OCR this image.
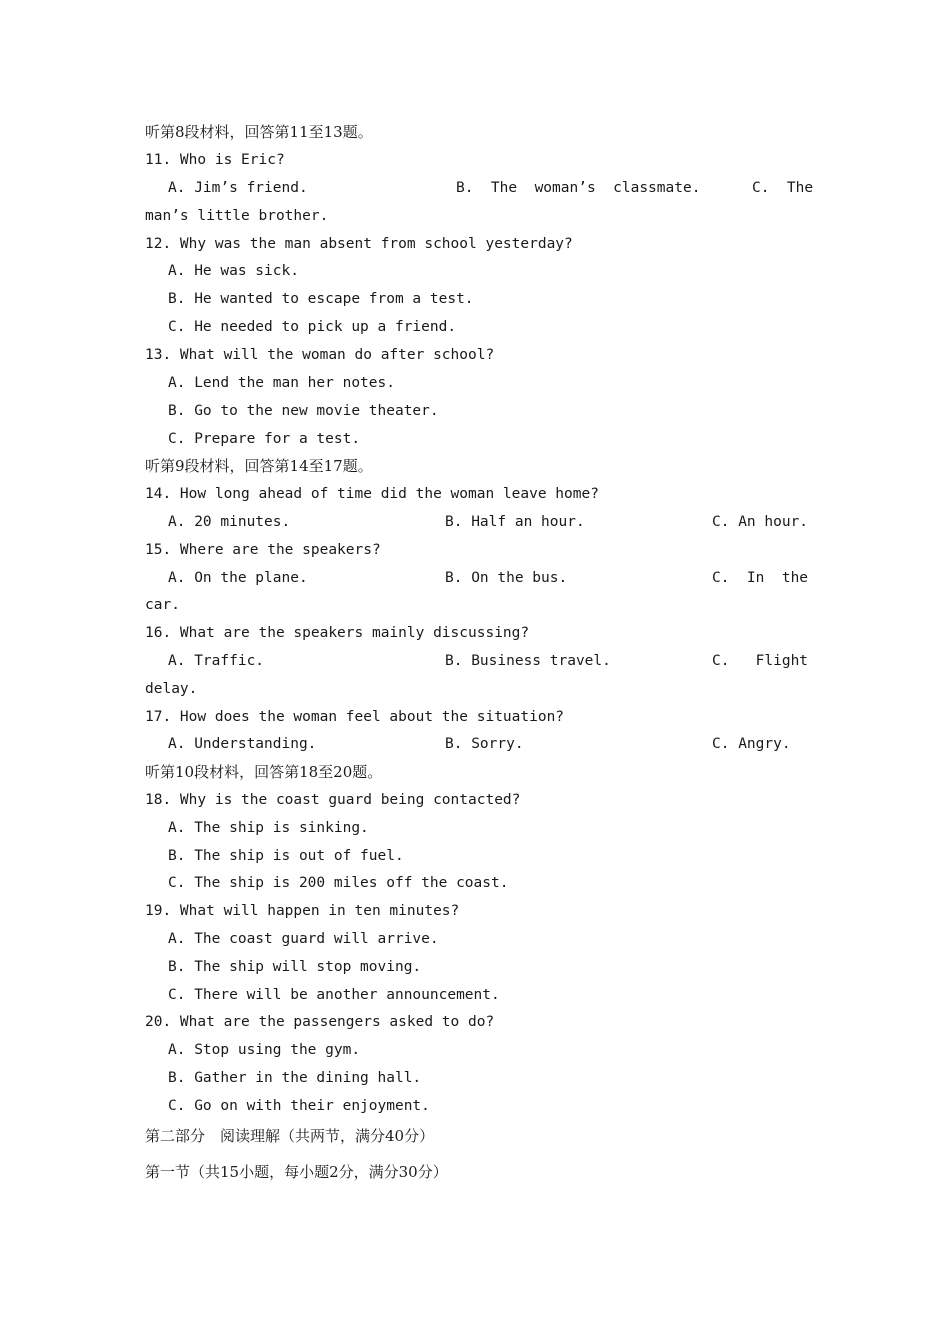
听第8段材料，回答第11至13题。
11. Who is Eric?
A. Jim’s friend.	B.  The  woman’s  classmate.	C.  The
man’s little brother.
12. Why was the man absent from school yesterday?
A. He was sick.
B. He wanted to escape from a test.
C. He needed to pick up a friend.
13. What will the woman do after school?
A. Lend the man her notes.
B. Go to the new movie theater.
C. Prepare for a test.
听第9段材料，回答第14至17题。
14. How long ahead of time did the woman leave home?
A. 20 minutes.	B. Half an hour.	C. An hour.
15. Where are the speakers?
A. On the plane.	B. On the bus.	C.  In  the
car.
16. What are the speakers mainly discussing?
A. Traffic.	B. Business travel.	C.   Flight
delay.
17. How does the woman feel about the situation?
A. Understanding.	B. Sorry.	C. Angry.
听第10段材料，回答第18至20题。
18. Why is the coast guard being contacted?
A. The ship is sinking.
B. The ship is out of fuel.
C. The ship is 200 miles off the coast.
19. What will happen in ten minutes?
A. The coast guard will arrive.
B. The ship will stop moving.
C. There will be another announcement.
20. What are the passengers asked to do?
A. Stop using the gym.
B. Gather in the dining hall.
C. Go on with their enjoyment.
第二部分　阅读理解（共两节，满分40分）
第一节（共15小题，每小题2分，满分30分）
